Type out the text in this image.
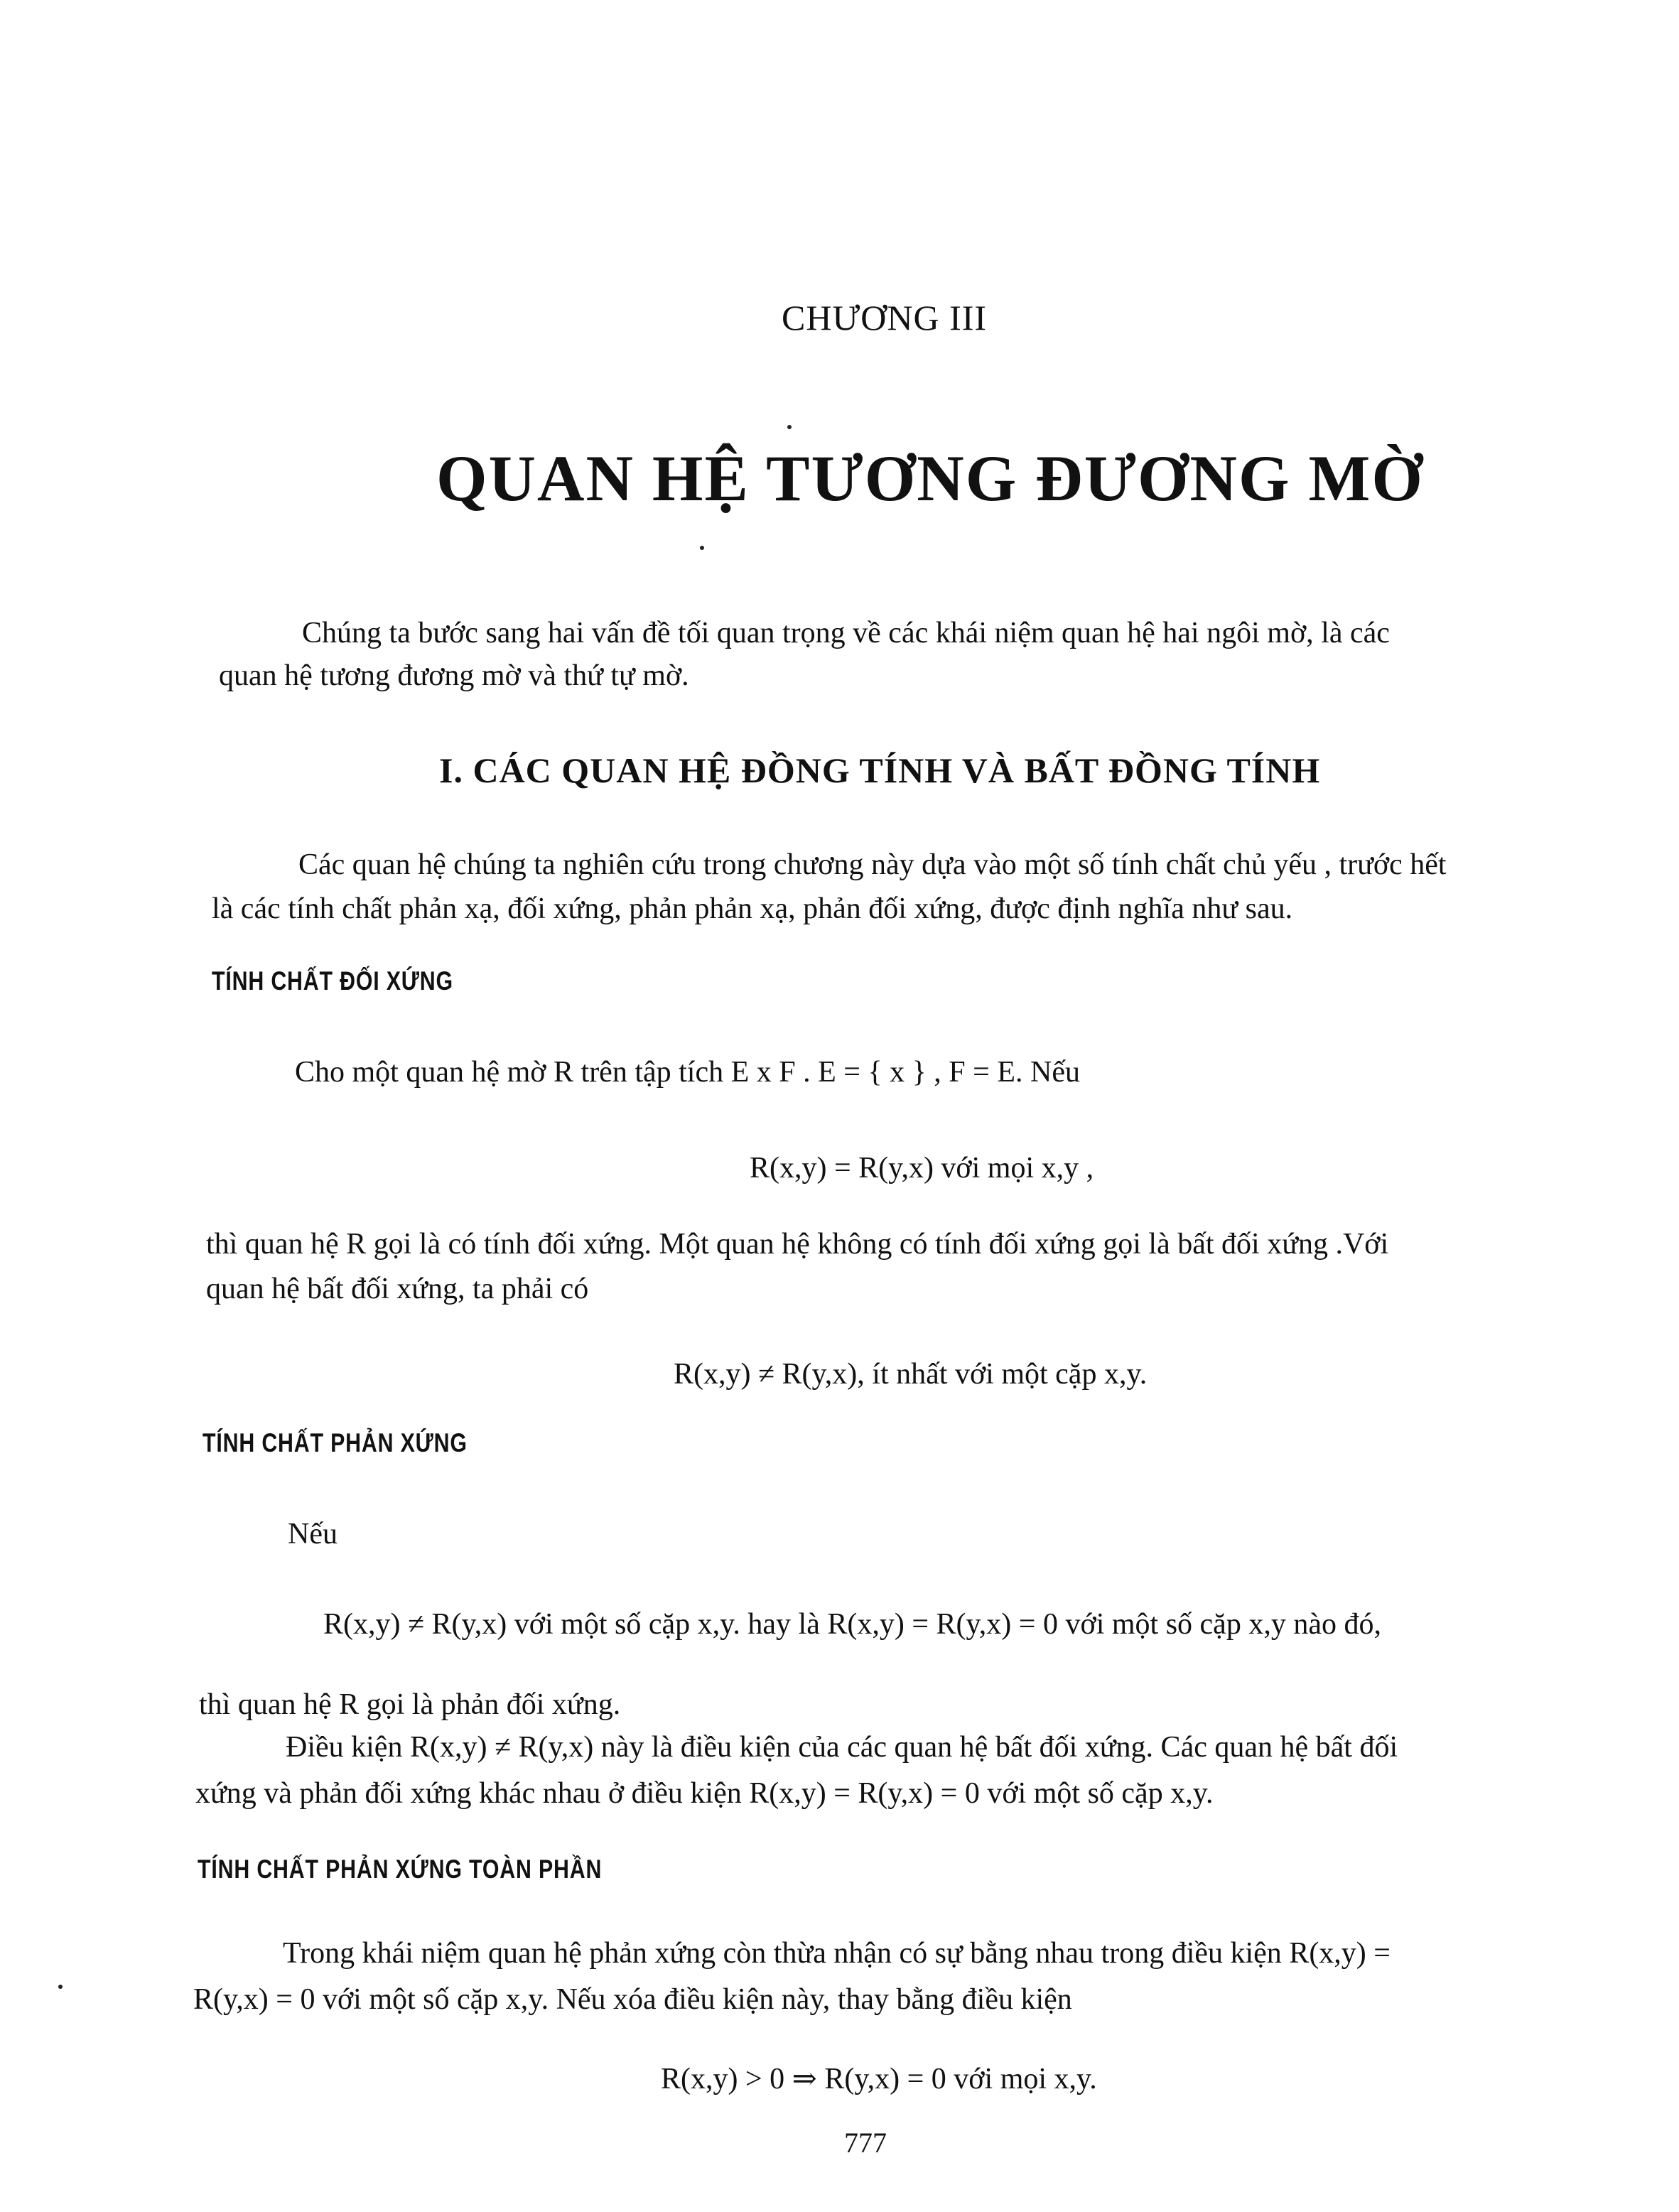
CHƯƠNG III
QUAN HỆ TƯƠNG ĐƯƠNG MỜ
Chúng ta bước sang hai vấn đề tối quan trọng về các khái niệm quan hệ hai ngôi mờ, là các
quan hệ tương đương mờ và thứ tự mờ.
I. CÁC QUAN HỆ ĐỒNG TÍNH VÀ BẤT ĐỒNG TÍNH
Các quan hệ chúng ta nghiên cứu trong chương này dựa vào một số tính chất chủ yếu , trước hết
là các tính chất phản xạ, đối xứng, phản phản xạ, phản đối xứng, được định nghĩa như sau.
TÍNH CHẤT ĐỐI XỨNG
Cho một quan hệ mờ R trên tập tích E x F . E = { x } , F = E. Nếu
R(x,y) = R(y,x) với mọi x,y ,
thì quan hệ R gọi là có tính đối xứng. Một quan hệ không có tính đối xứng gọi là bất đối xứng .Với
quan hệ bất đối xứng, ta phải có
R(x,y) ≠ R(y,x), ít nhất với một cặp x,y.
TÍNH CHẤT PHẢN XỨNG
Nếu
R(x,y) ≠ R(y,x) với một số cặp x,y. hay là R(x,y) = R(y,x) = 0 với một số cặp x,y nào đó,
thì quan hệ R gọi là phản đối xứng.
Điều kiện R(x,y) ≠ R(y,x) này là điều kiện của các quan hệ bất đối xứng. Các quan hệ bất đối
xứng và phản đối xứng khác nhau ở điều kiện R(x,y) = R(y,x) = 0 với một số cặp x,y.
TÍNH CHẤT PHẢN XỨNG TOÀN PHẦN
Trong khái niệm quan hệ phản xứng còn thừa nhận có sự bằng nhau trong điều kiện R(x,y) =
R(y,x) = 0 với một số cặp x,y. Nếu xóa điều kiện này, thay bằng điều kiện
R(x,y) > 0 ⇒ R(y,x) = 0 với mọi x,y.
777
